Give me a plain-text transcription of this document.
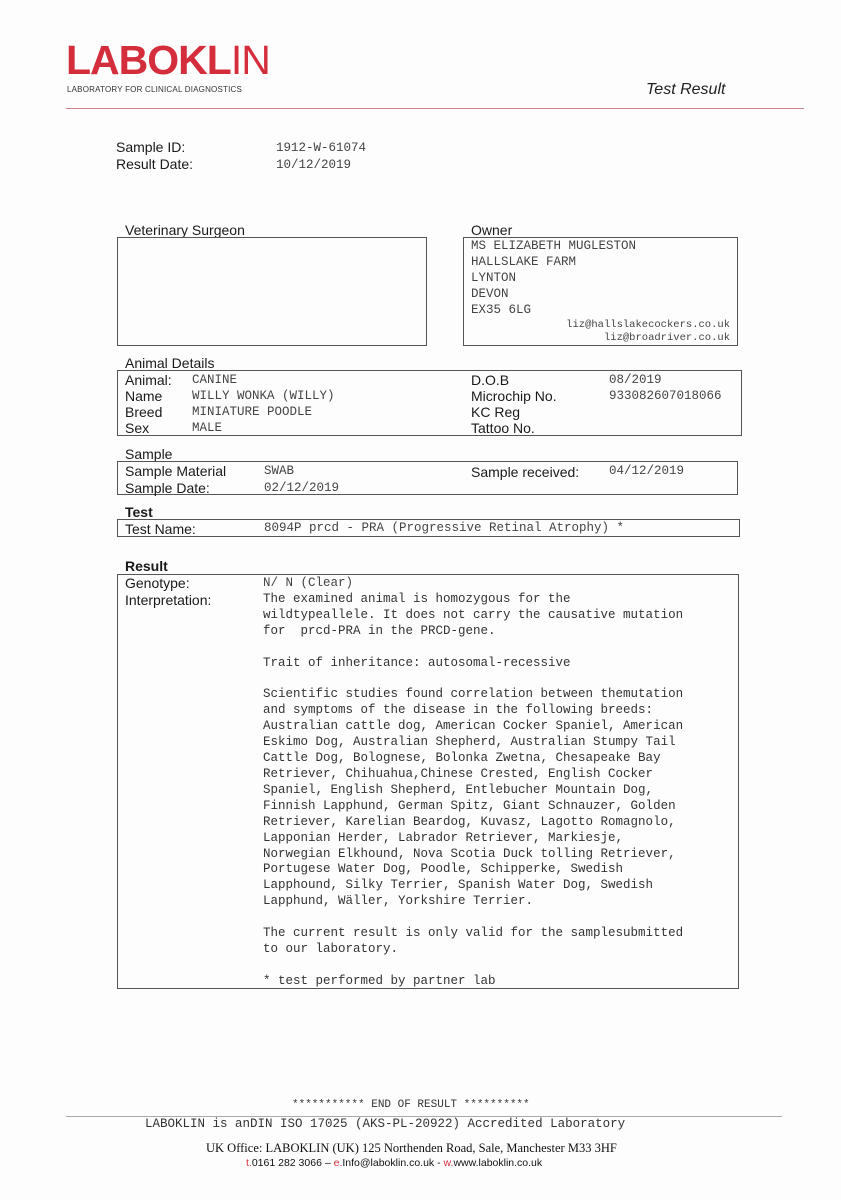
LABOKLIN
LABORATORY FOR CLINICAL DIAGNOSTICS	Test Result
Sample ID:	1912-W-61074
Result Date:	10/12/2019
Veterinary Surgeon	Owner
MS ELIZABETH MUGLESTON
HALLSLAKE FARM
LYNTON
DEVON
EX35 6LG
liz@hallslakecockers.co.uk
liz@broadriver.co.uk
Animal Details
Animal: CANINE
Name WILLY WONKA (WILLY)
Breed MINIATURE POODLE
Sex	MALE
D.O.B	08/2019
Microchip No.	933082607018066
KC Reg
Tattoo No.
Sample
Sample Material	SWAB
Sample Date:	02/12/2019
Sample received: 04/12/2019
Test
Test Name:	8094P prcd - PRA (Progressive Retinal Atrophy) *
Result
Genotype:	N/ N (Clear)
Interpretation:	The examined animal is homozygous for the
wildtypeallele. It does not carry the causative mutation
for  prcd-PRA in the PRCD-gene.

Trait of inheritance: autosomal-recessive

Scientific studies found correlation between themutation
and symptoms of the disease in the following breeds:
Australian cattle dog, American Cocker Spaniel, American
Eskimo Dog, Australian Shepherd, Australian Stumpy Tail
Cattle Dog, Bolognese, Bolonka Zwetna, Chesapeake Bay
Retriever, Chihuahua,Chinese Crested, English Cocker
Spaniel, English Shepherd, Entlebucher Mountain Dog,
Finnish Lapphund, German Spitz, Giant Schnauzer, Golden
Retriever, Karelian Beardog, Kuvasz, Lagotto Romagnolo,
Lapponian Herder, Labrador Retriever, Markiesje,
Norwegian Elkhound, Nova Scotia Duck tolling Retriever,
Portugese Water Dog, Poodle, Schipperke, Swedish
Lapphound, Silky Terrier, Spanish Water Dog, Swedish
Lapphund, Wäller, Yorkshire Terrier.

The current result is only valid for the samplesubmitted
to our laboratory.

* test performed by partner lab
*********** END OF RESULT **********
LABOKLIN is anDIN ISO 17025 (AKS-PL-20922) Accredited Laboratory
UK Office: LABOKLIN (UK) 125 Northenden Road, Sale, Manchester M33 3HF
t.0161 282 3066 – e.Info@laboklin.co.uk - w.www.laboklin.co.uk
